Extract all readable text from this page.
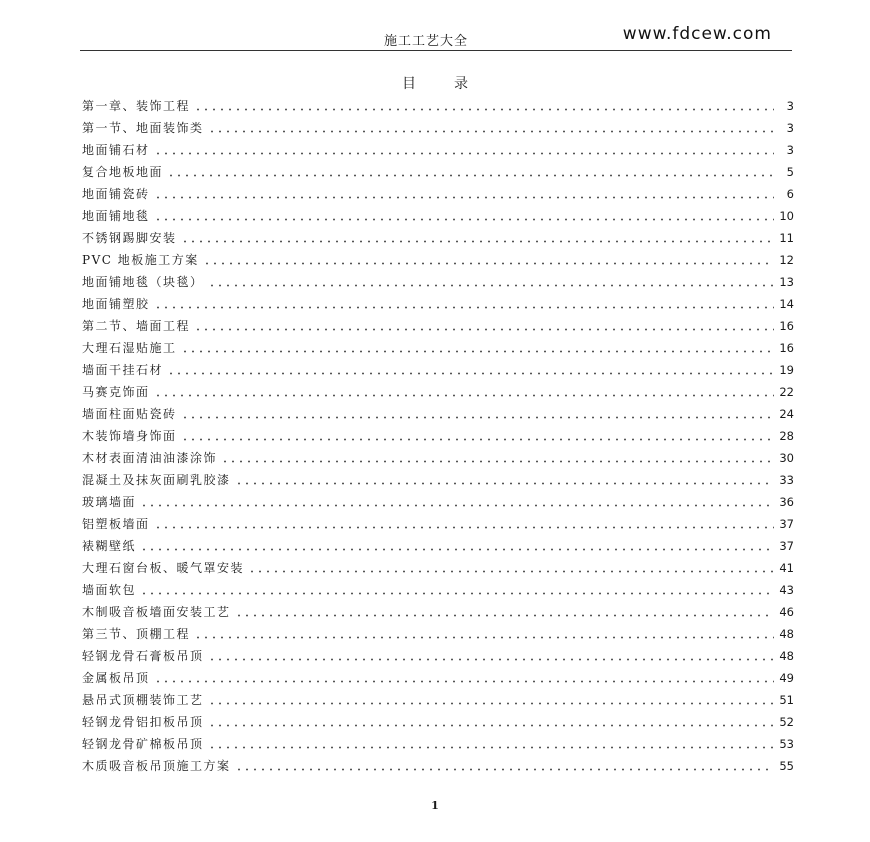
施工工艺大全	www.fdcew.com
目录
第一章、装饰工程	3
第一节、地面装饰类	3
地面铺石材	3
复合地板地面	5
地面铺瓷砖	6
地面铺地毯	10
不锈钢踢脚安装	11
PVC 地板施工方案	12
地面铺地毯（块毯）	13
地面铺塑胶	14
第二节、墙面工程	16
大理石湿贴施工	16
墙面干挂石材	19
马赛克饰面	22
墙面柱面贴瓷砖	24
木装饰墙身饰面	28
木材表面清油油漆涂饰	30
混凝土及抹灰面刷乳胶漆	33
玻璃墙面	36
铝塑板墙面	37
裱糊壁纸	37
大理石窗台板、暖气罩安装	41
墙面软包	43
木制吸音板墙面安装工艺	46
第三节、顶棚工程	48
轻钢龙骨石膏板吊顶	48
金属板吊顶	49
悬吊式顶棚装饰工艺	51
轻钢龙骨铝扣板吊顶	52
轻钢龙骨矿棉板吊顶	53
木质吸音板吊顶施工方案	55
1
